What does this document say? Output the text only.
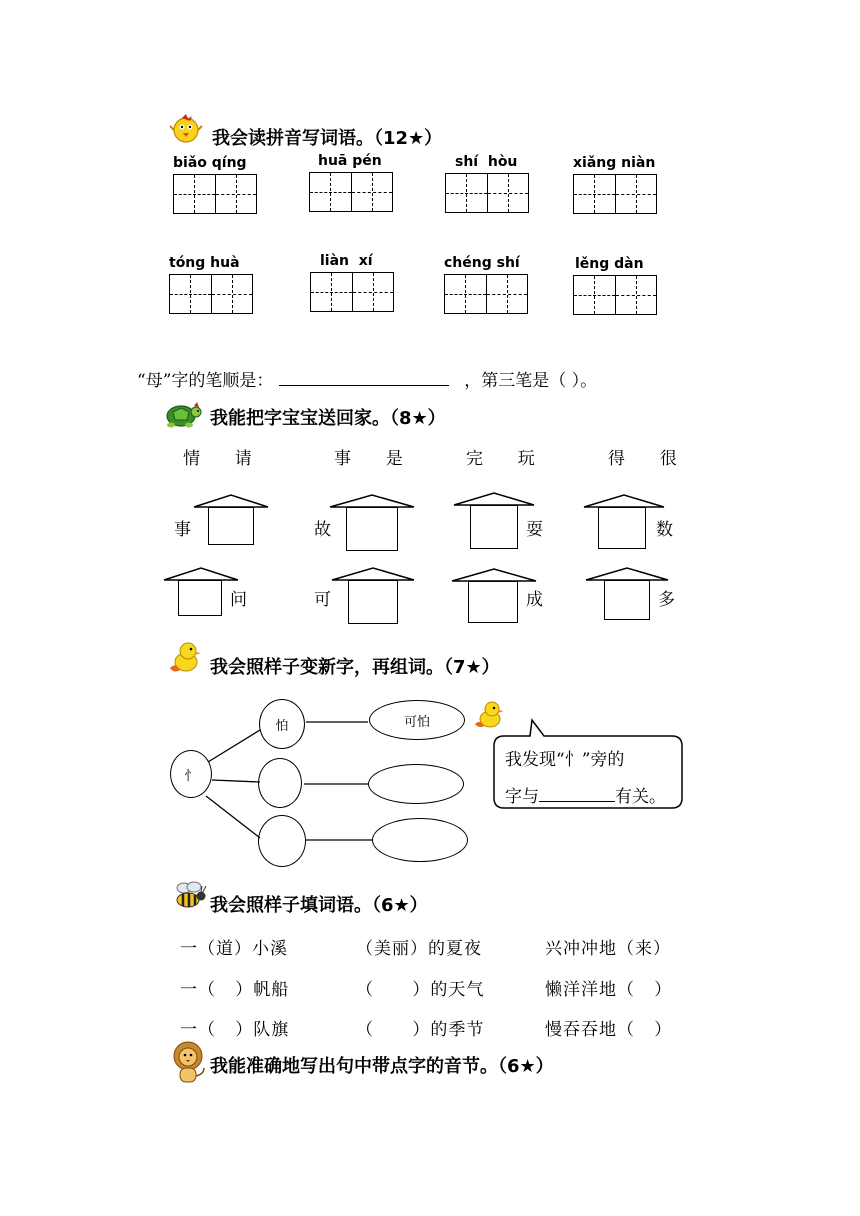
我会读拼音写词语。（12★）
biǎo qíng	huā pén	shí  hòu	xiǎng niàn
tóng huà	liàn  xí	chéng shí	lěng dàn
“母”字的笔顺是：	，第三笔是（ ）。
我能把字宝宝送回家。（8★）
情  请	事  是	完  玩	得  很
事	故	耍	数
问	可	成	多
我会照样子变新字，再组词。（7★）
忄
怕	可怕
我发现“忄”旁的
字与	有关。
我会照样子填词语。（6★）
一（道）小溪	（美丽）的夏夜	兴冲冲地（来）
一（   ）帆船	（      ）的天气	懒洋洋地（   ）
一（   ）队旗	（      ）的季节	慢吞吞地（   ）
我能准确地写出句中带点字的音节。（6★）
